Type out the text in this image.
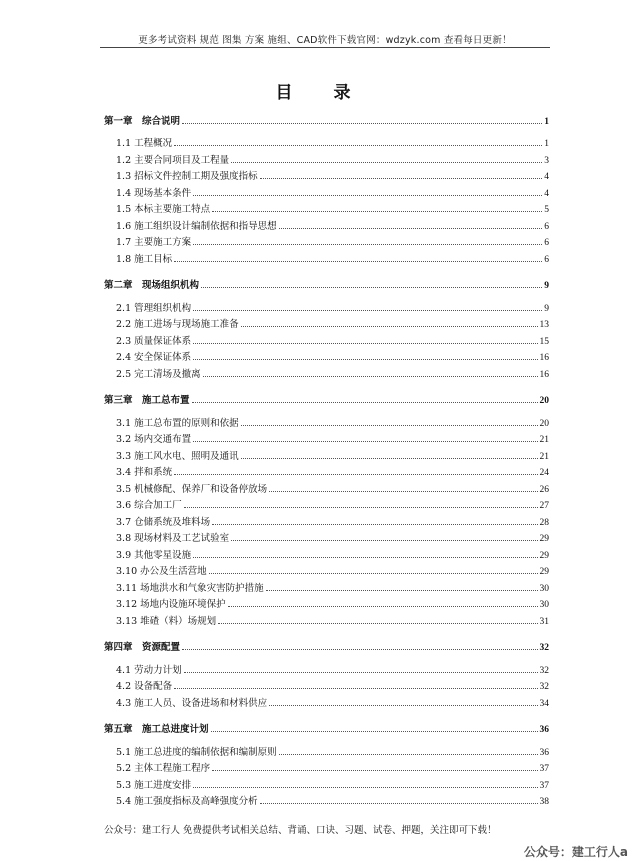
更多考试资料 规范 图集 方案 施组、CAD软件下载官网：wdzyk.com 查看每日更新！
目　录
第一章　综合说明	1
1.1 工程概况	1
1.2 主要合同项目及工程量	3
1.3 招标文件控制工期及强度指标	4
1.4 现场基本条件	4
1.5 本标主要施工特点	5
1.6 施工组织设计编制依据和指导思想	6
1.7 主要施工方案	6
1.8 施工目标	6
第二章　现场组织机构	9
2.1 管理组织机构	9
2.2 施工进场与现场施工准备	13
2.3 质量保证体系	15
2.4 安全保证体系	16
2.5 完工清场及撤离	16
第三章　施工总布置	20
3.1 施工总布置的原则和依据	20
3.2 场内交通布置	21
3.3 施工风水电、照明及通讯	21
3.4 拌和系统	24
3.5 机械修配、保养厂和设备停放场	26
3.6 综合加工厂	27
3.7 仓储系统及堆料场	28
3.8 现场材料及工艺试验室	29
3.9 其他零星设施	29
3.10 办公及生活营地	29
3.11 场地洪水和气象灾害防护措施	30
3.12 场地内设施环境保护	30
3.13 堆碴（料）场规划	31
第四章　资源配置	32
4.1 劳动力计划	32
4.2 设备配备	32
4.3 施工人员、设备进场和材料供应	34
第五章　施工总进度计划	36
5.1 施工总进度的编制依据和编制原则	36
5.2 主体工程施工程序	37
5.3 施工进度安排	37
5.4 施工强度指标及高峰强度分析	38
公众号：建工行人 免费提供考试相关总结、背诵、口诀、习题、试卷、押题，关注即可下载！
公众号：建工行人a
